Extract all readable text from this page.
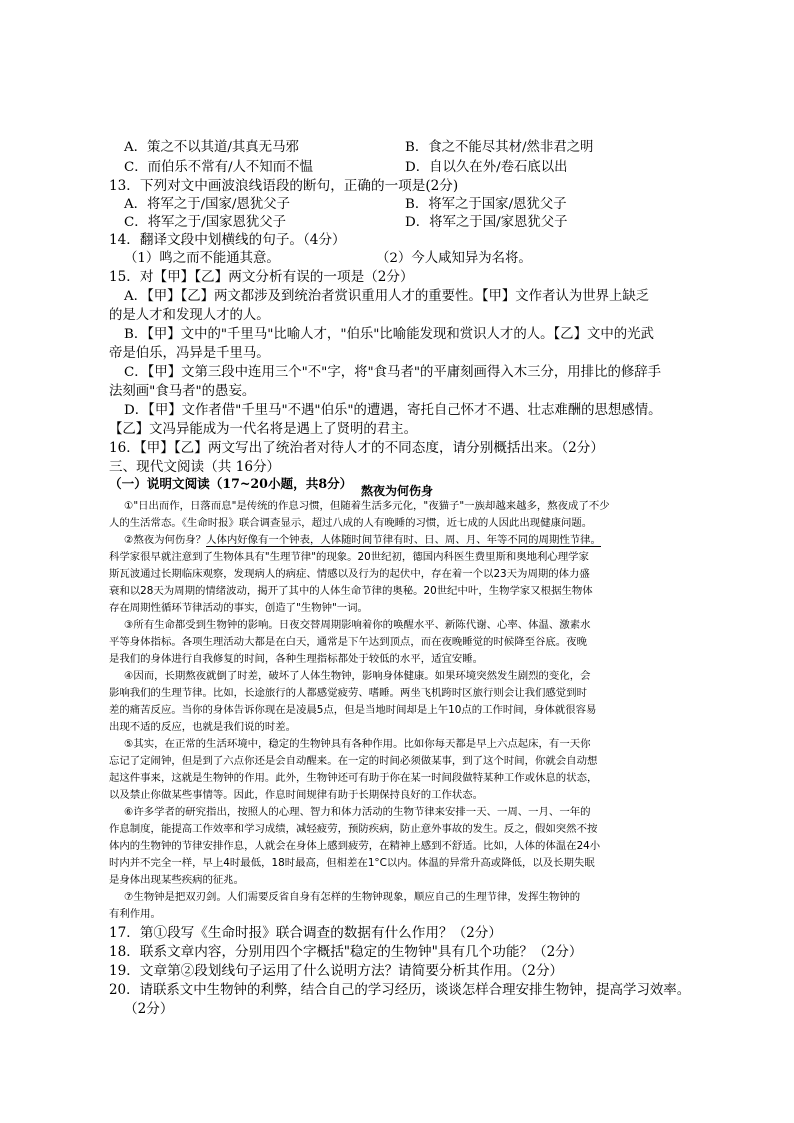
A．策之不以其道/其真无马邪	B．食之不能尽其材/然非君之明
C．而伯乐不常有/人不知而不愠	D．自以久在外/卷石底以出
13．下列对文中画波浪线语段的断句，正确的一项是(2分)
A．将军之于/国家/恩犹父子	B．将军之于国家/恩犹父子
C．将军之于/国家恩犹父子	D．将军之于国/家恩犹父子
14．翻译文段中划横线的句子。（4分）
（1）鸣之而不能通其意。	（2）今人咸知异为名将。
15．对【甲】【乙】两文分析有误的一项是（2分）
A．【甲】【乙】两文都涉及到统治者赏识重用人才的重要性。【甲】文作者认为世界上缺乏
的是人才和发现人才的人。
B．【甲】文中的"千里马"比喻人才，"伯乐"比喻能发现和赏识人才的人。【乙】文中的光武
帝是伯乐，冯异是千里马。
C．【甲】文第三段中连用三个"不"字，将"食马者"的平庸刻画得入木三分，用排比的修辞手
法刻画"食马者"的愚妄。
D．【甲】文作者借"千里马"不遇"伯乐"的遭遇，寄托自己怀才不遇、壮志难酬的思想感情。
【乙】文冯异能成为一代名将是遇上了贤明的君主。
16．【甲】【乙】两文写出了统治者对待人才的不同态度，请分别概括出来。（2分）
三、现代文阅读（共 16分）
（一）说明文阅读（17~20小题，共8分） 熬夜为何伤身
①"日出而作，日落而息"是传统的作息习惯，但随着生活多元化，"夜猫子"一族却越来越多，熬夜成了不少
人的生活常态。《生命时报》联合调查显示，超过八成的人有晚睡的习惯，近七成的人因此出现健康问题。
②熬夜为何伤身？人体内好像有一个钟表，人体随时间节律有时、日、周、月、年等不同的周期性节律。
科学家很早就注意到了生物体具有"生理节律"的现象。20世纪初，德国内科医生费里斯和奥地利心理学家
斯瓦波通过长期临床观察，发现病人的病症、情感以及行为的起伏中，存在着一个以23天为周期的体力盛
衰和以28天为周期的情绪波动，揭开了其中的人体生命节律的奥秘。20世纪中叶，生物学家又根据生物体
存在周期性循环节律活动的事实，创造了"生物钟"一词。
③所有生命都受到生物钟的影响。日夜交替周期影响着你的唤醒水平、新陈代谢、心率、体温、激素水
平等身体指标。各项生理活动大都是在白天，通常是下午达到顶点，而在夜晚睡觉的时候降至谷底。夜晚
是我们的身体进行自我修复的时间，各种生理指标都处于较低的水平，适宜安睡。
④因而，长期熬夜就倒了时差，破坏了人体生物钟，影响身体健康。如果环境突然发生剧烈的变化，会
影响我们的生理节律。比如，长途旅行的人都感觉疲劳、嗜睡。两坐飞机跨时区旅行则会让我们感觉到时
差的痛苦反应。当你的身体告诉你现在是凌晨5点，但是当地时间却是上午10点的工作时间，身体就很容易
出现不适的反应，也就是我们说的时差。
⑤其实，在正常的生活环境中，稳定的生物钟具有各种作用。比如你每天都是早上六点起床，有一天你
忘记了定闹钟，但是到了六点你还是会自动醒来。在一定的时间必须做某事，到了这个时间，你就会自动想
起这件事来，这就是生物钟的作用。此外，生物钟还可有助于你在某一时间段做特某种工作或休息的状态，
以及禁止你做某些事情等。因此，作息时间规律有助于长期保持良好的工作状态。
⑥许多学者的研究指出，按照人的心理、智力和体力活动的生物节律来安排一天、一周、一月、一年的
作息制度，能提高工作效率和学习成绩，减轻疲劳，预防疾病，防止意外事故的发生。反之，假如突然不按
体内的生物钟的节律安排作息，人就会在身体上感到疲劳，在精神上感到不舒适。比如，人体的体温在24小
时内并不完全一样，早上4时最低，18时最高，但相差在1°C以内。体温的异常升高或降低，以及长期失眠
是身体出现某些疾病的征兆。
⑦生物钟是把双刃剑。人们需要反省自身有怎样的生物钟现象，顺应自己的生理节律，发挥生物钟的
有利作用。
17．第①段写《生命时报》联合调查的数据有什么作用？（2分）
18．联系文章内容，分别用四个字概括"稳定的生物钟"具有几个功能？（2分）
19．文章第②段划线句子运用了什么说明方法？请简要分析其作用。（2分）
20．请联系文中生物钟的利弊，结合自己的学习经历，谈谈怎样合理安排生物钟，提高学习效率。
（2分）
